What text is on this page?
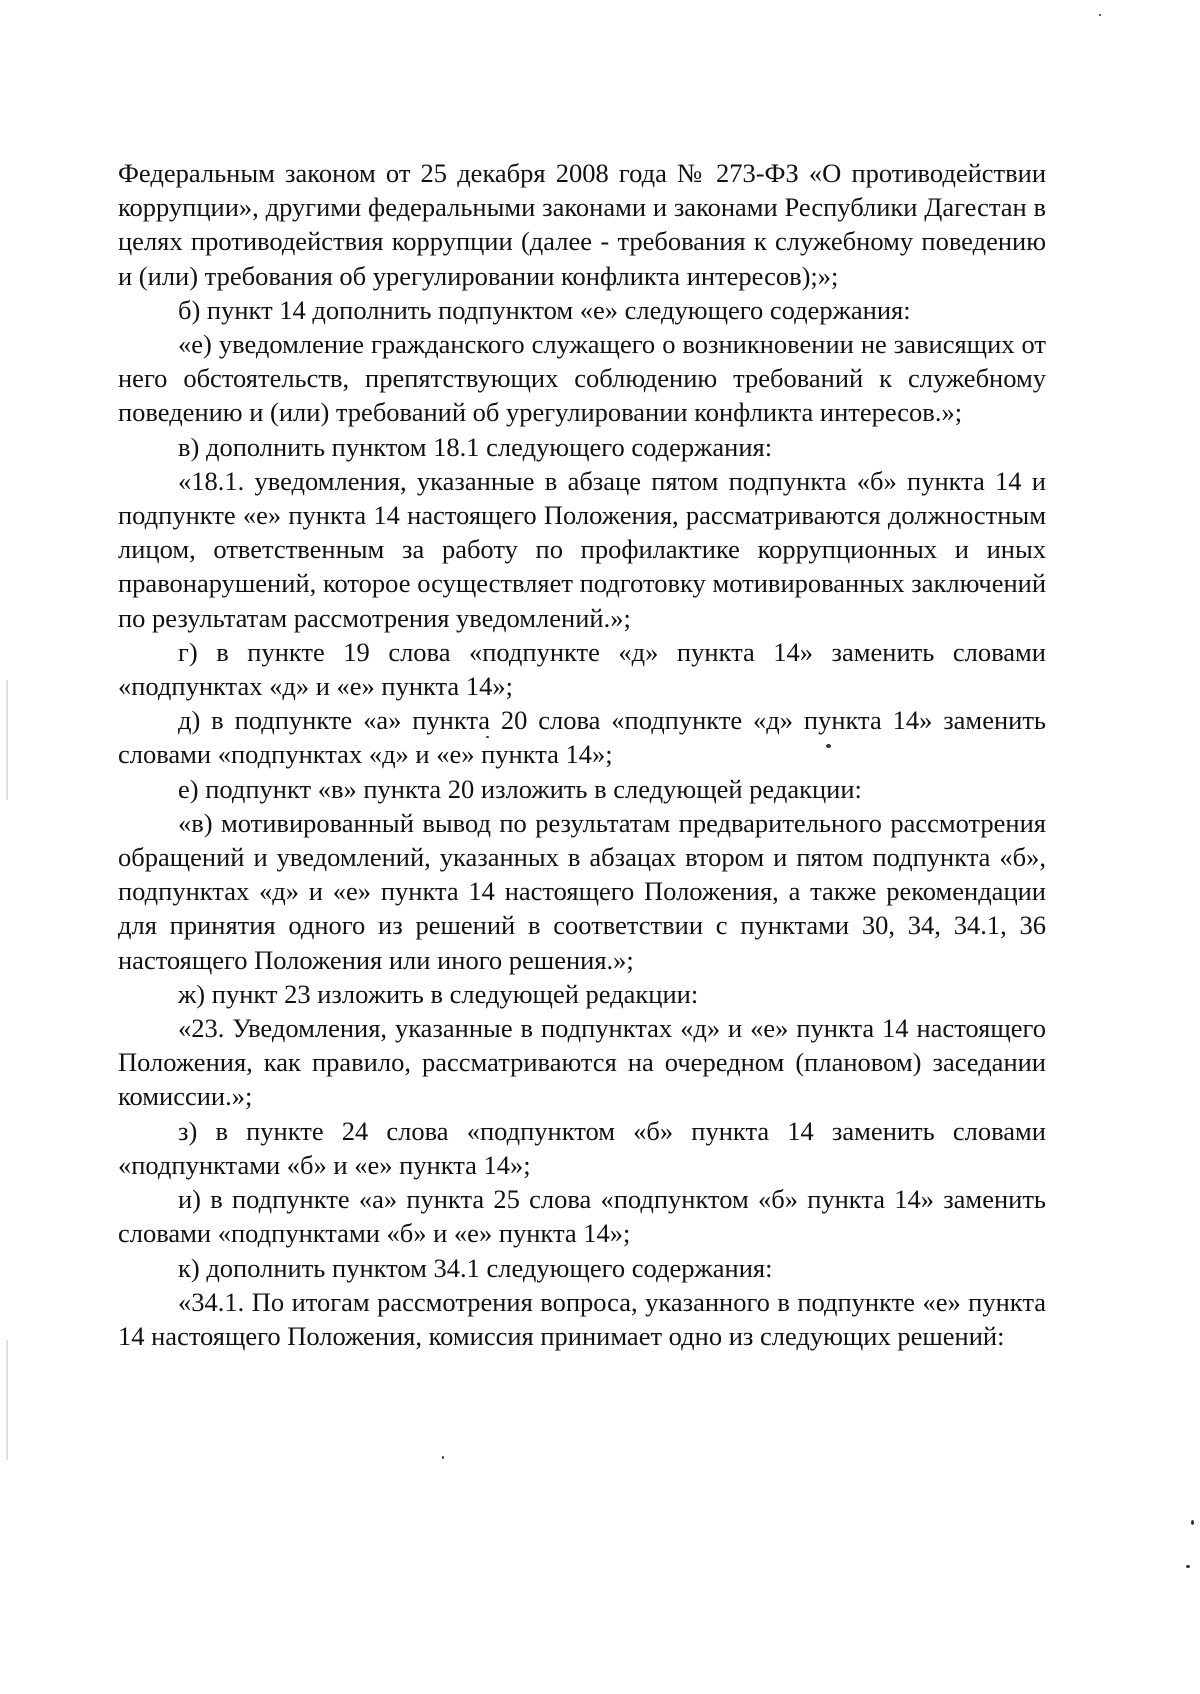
Федеральным законом от 25 декабря 2008 года № 273-ФЗ «О противодействии коррупции», другими федеральными законами и законами Республики Дагестан в целях противодействия коррупции (далее - требования к служебному поведению и (или) требования об урегулировании конфликта интересов);»;

б) пункт 14 дополнить подпунктом «е» следующего содержания:

«е) уведомление гражданского служащего о возникновении не зависящих от него обстоятельств, препятствующих соблюдению требований к служебному поведению и (или) требований об урегулировании конфликта интересов.»;

в) дополнить пунктом 18.1 следующего содержания:

«18.1. уведомления, указанные в абзаце пятом подпункта «б» пункта 14 и подпункте «е» пункта 14 настоящего Положения, рассматриваются должностным лицом, ответственным за работу по профилактике коррупционных и иных правонарушений, которое осуществляет подготовку мотивированных заключений по результатам рассмотрения уведомлений.»;

г) в пункте 19 слова «подпункте «д» пункта 14» заменить словами «подпунктах «д» и «е» пункта 14»;

д) в подпункте «а» пункта 20 слова «подпункте «д» пункта 14» заменить словами «подпунктах «д» и «е» пункта 14»;

е) подпункт «в» пункта 20 изложить в следующей редакции:

«в) мотивированный вывод по результатам предварительного рассмотрения обращений и уведомлений, указанных в абзацах втором и пятом подпункта «б», подпунктах «д» и «е» пункта 14 настоящего Положения, а также рекомендации для принятия одного из решений в соответствии с пунктами 30, 34, 34.1, 36 настоящего Положения или иного решения.»;

ж) пункт 23 изложить в следующей редакции:

«23. Уведомления, указанные в подпунктах «д» и «е» пункта 14 настоящего Положения, как правило, рассматриваются на очередном (плановом) заседании комиссии.»;

з) в пункте 24 слова «подпунктом «б» пункта 14 заменить словами «подпунктами «б» и «е» пункта 14»;

и) в подпункте «а» пункта 25 слова «подпунктом «б» пункта 14» заменить словами «подпунктами «б» и «е» пункта 14»;

к) дополнить пунктом 34.1 следующего содержания:

«34.1. По итогам рассмотрения вопроса, указанного в подпункте «е» пункта 14 настоящего Положения, комиссия принимает одно из следующих решений:
